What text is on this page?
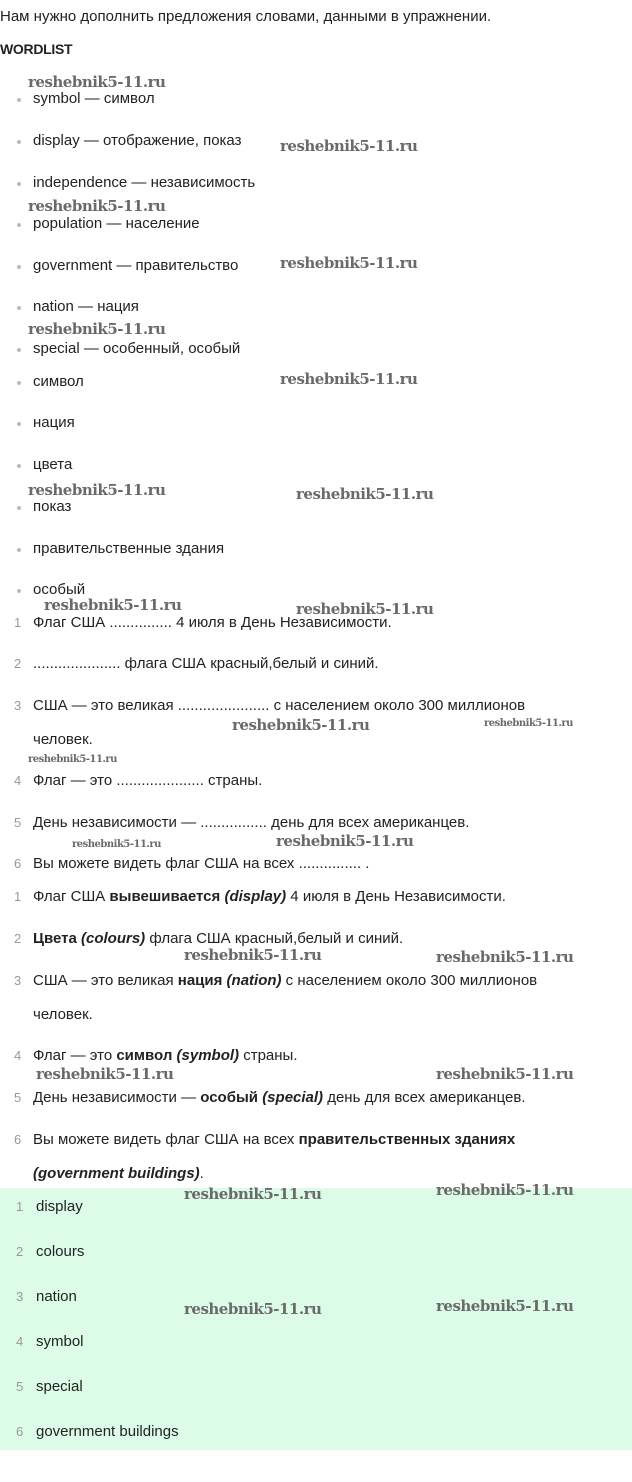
Нам нужно дополнить предложения словами, данными в упражнении.
WORDLIST
symbol — символ
display — отображение, показ
independence — независимость
population — население
government — правительство
nation — нация
special — особенный, особый
символ
нация
цвета
показ
правительственные здания
особый
1 Флаг США ............... 4 июля в День Независимости.
2 ..................... флага США красный,белый и синий.
3 США — это великая ...................... с населением около 300 миллионов
человек.
4 Флаг — это ..................... страны.
5 День независимости — ................ день для всех американцев.
6 Вы можете видеть флаг США на всех ............... .
1 Флаг США вывешивается (display) 4 июля в День Независимости.
2 Цвета (colours) флага США красный,белый и синий.
3 США — это великая нация (nation) с населением около 300 миллионов
человек.
4 Флаг — это символ (symbol) страны.
5 День независимости — особый (special) день для всех американцев.
6 Вы можете видеть флаг США на всех правительственных зданиях
(government buildings).
1 display
2 colours
3 nation
4 symbol
5 special
6 government buildings
reshebnik5-11.ru
reshebnik5-11.ru
reshebnik5-11.ru
reshebnik5-11.ru
reshebnik5-11.ru
reshebnik5-11.ru
reshebnik5-11.ru	reshebnik5-11.ru
reshebnik5-11.ru	reshebnik5-11.ru
reshebnik5-11.ru	reshebnik5-11.ru
reshebnik5-11.ru
reshebnik5-11.ru	reshebnik5-11.ru
reshebnik5-11.ru	reshebnik5-11.ru
reshebnik5-11.ru	reshebnik5-11.ru
reshebnik5-11.ru	reshebnik5-11.ru
reshebnik5-11.ru	reshebnik5-11.ru
